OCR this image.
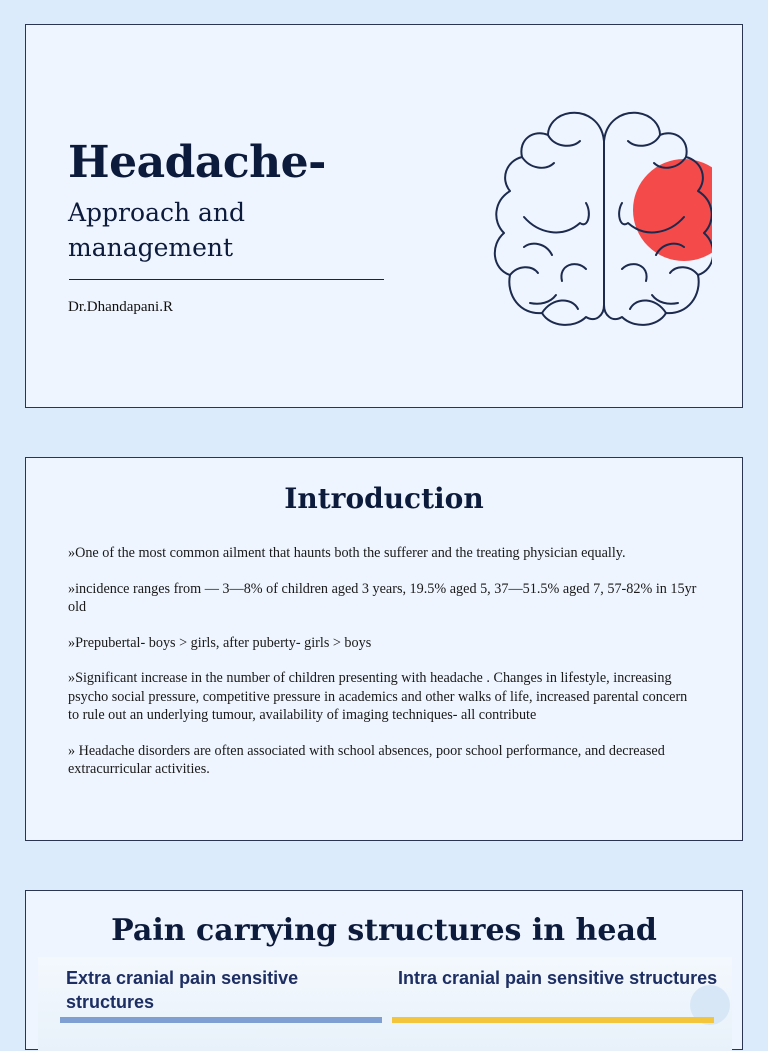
Headache-
Approach and management
Dr.Dhandapani.R
Introduction

»One of the most common ailment that haunts both the sufferer and the treating physician equally.

»incidence ranges from — 3—8% of children aged 3 years, 19.5% aged 5, 37—51.5% aged 7, 57-82% in 15yr old

»Prepubertal- boys > girls, after puberty- girls > boys

»Significant increase in the number of children presenting with headache . Changes in lifestyle, increasing psycho social pressure, competitive pressure in academics and other walks of life, increased parental concern to rule out an underlying tumour, availability of imaging techniques- all contribute

» Headache disorders are often associated with school absences, poor school performance, and decreased extracurricular activities.

Pain carrying structures in head
Extra cranial pain sensitive structures
Intra cranial pain sensitive structures
